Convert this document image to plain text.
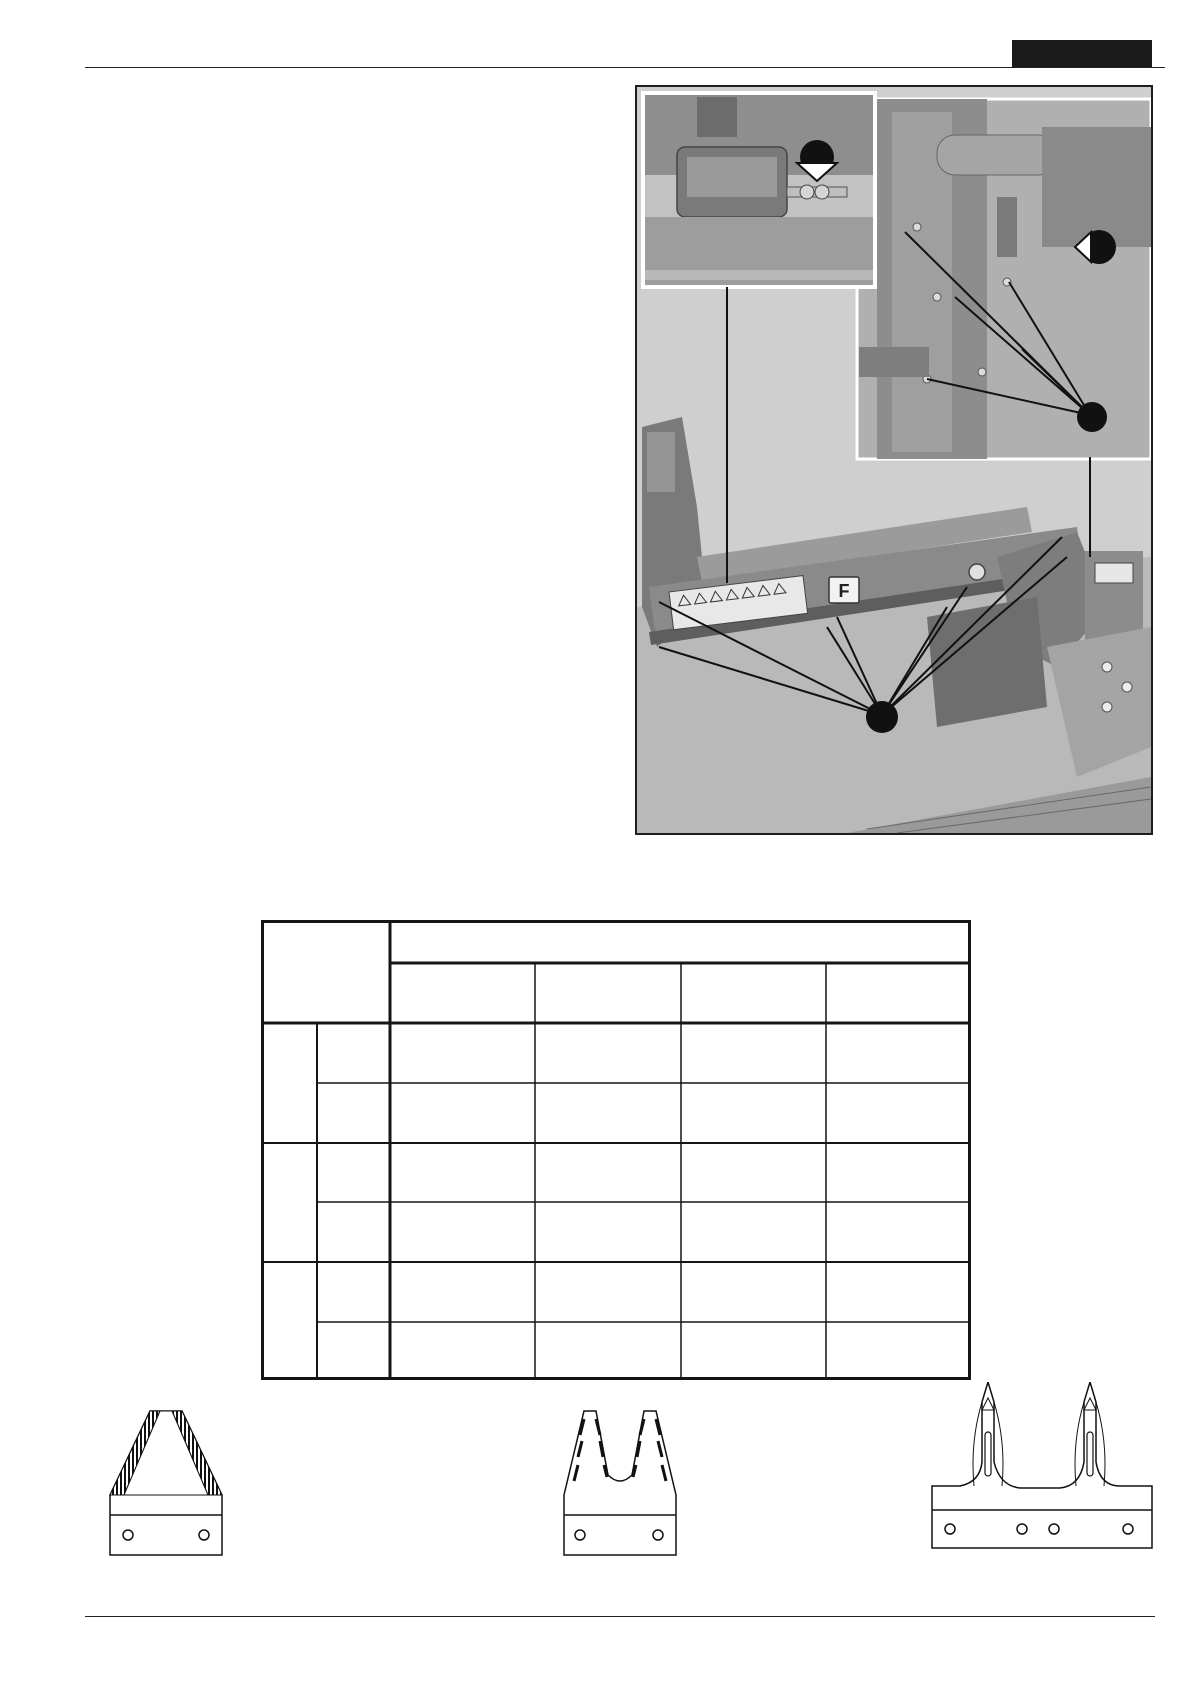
F
